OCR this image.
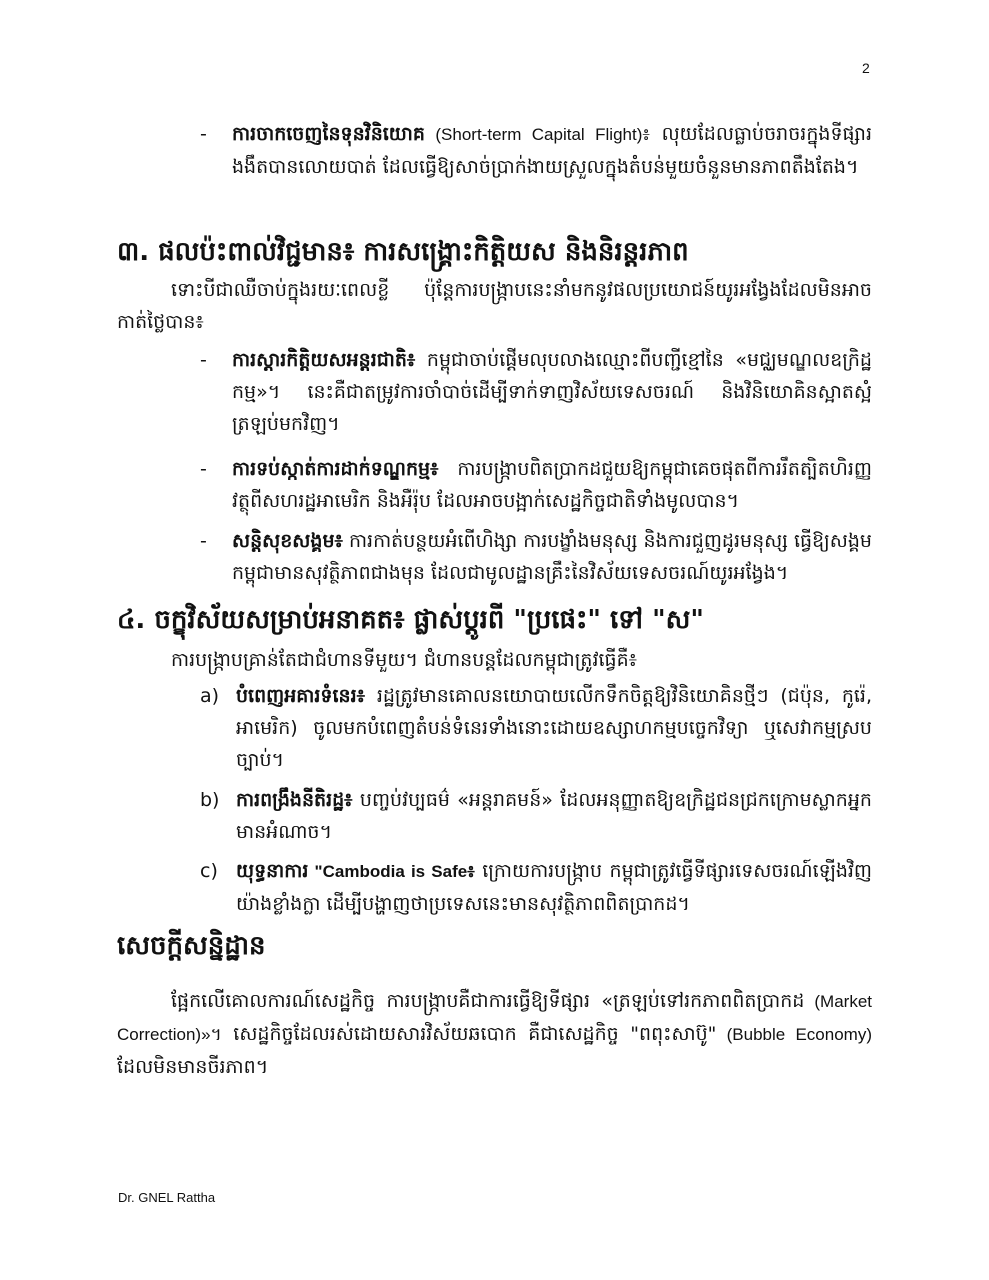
2
-	ការចាកចេញនៃទុនវិនិយោគ (Short-term Capital Flight)៖ លុយដែលធ្លាប់ចរាចរក្នុងទីផ្សារងងឹតបានលោយបាត់ ដែលធ្វើឱ្យសាច់ប្រាក់ងាយស្រួលក្នុងតំបន់មួយចំនួនមានភាពតឹងតែង។
៣. ផលប៉ះពាល់វិជ្ជមាន៖ ការសង្គ្រោះកិត្តិយស និងនិរន្តរភាព
ទោះបីជាឈឺចាប់ក្នុងរយៈពេលខ្លី ប៉ុន្តែការបង្រ្កាបនេះនាំមកនូវផលប្រយោជន៍យូរអង្វែងដែលមិនអាចកាត់ថ្លៃបាន៖
-	ការស្តារកិត្តិយសអន្តរជាតិ៖ កម្ពុជាចាប់ផ្តើមលុបលាងឈ្មោះពីបញ្ជីខ្មៅនៃ «មជ្ឈមណ្ឌលឧក្រិដ្ឋកម្ម»។ នេះគឺជាតម្រូវការចាំបាច់ដើម្បីទាក់ទាញវិស័យទេសចរណ៍ និងវិនិយោគិនស្អាតស្អំត្រឡប់មកវិញ។
-	ការទប់ស្កាត់ការដាក់ទណ្ឌកម្ម៖ ការបង្រ្កាបពិតប្រាកដជួយឱ្យកម្ពុជាគេចផុតពីការរឹតត្បិតហិរញ្ញវត្ថុពីសហរដ្ឋអាមេរិក និងអឺរ៉ុប ដែលអាចបង្អាក់សេដ្ឋកិច្ចជាតិទាំងមូលបាន។
-	សន្តិសុខសង្គម៖ ការកាត់បន្ថយអំពើហិង្សា ការបង្ខាំងមនុស្ស និងការជួញដូរមនុស្ស ធ្វើឱ្យសង្គមកម្ពុជាមានសុវត្ថិភាពជាងមុន ដែលជាមូលដ្ឋានគ្រឹះនៃវិស័យទេសចរណ៍យូរអង្វែង។
៤. ចក្ខុវិស័យសម្រាប់អនាគត៖ ផ្លាស់ប្តូរពី "ប្រផេះ" ទៅ "ស"
ការបង្រ្កាបគ្រាន់តែជាជំហានទីមួយ។ ជំហានបន្តដែលកម្ពុជាត្រូវធ្វើគឺ៖
a) បំពេញអគារទំនេរ៖ រដ្ឋត្រូវមានគោលនយោបាយលើកទឹកចិត្តឱ្យវិនិយោគិនថ្មីៗ (ជប៉ុន, កូរ៉េ, អាមេរិក) ចូលមកបំពេញតំបន់ទំនេរទាំងនោះដោយឧស្សាហកម្មបច្ចេកវិទ្យា ឬសេវាកម្មស្របច្បាប់។
b) ការពង្រឹងនីតិរដ្ឋ៖ បញ្ចប់វប្បធម៌ «អន្តរាគមន៍» ដែលអនុញ្ញាតឱ្យឧក្រិដ្ឋជនជ្រកក្រោមស្លាកអ្នកមានអំណាច។
c) យុទ្ធនាការ "Cambodia is Safe៖ ក្រោយការបង្រ្កាប កម្ពុជាត្រូវធ្វើទីផ្សារទេសចរណ៍ឡើងវិញយ៉ាងខ្លាំងក្លា ដើម្បីបង្ហាញថាប្រទេសនេះមានសុវត្ថិភាពពិតប្រាកដ។
សេចក្តីសន្និដ្ឋាន
ផ្អែកលើគោលការណ៍សេដ្ឋកិច្ច ការបង្រ្កាបគឺជាការធ្វើឱ្យទីផ្សារ «ត្រឡប់ទៅរកភាពពិតប្រាកដ (Market Correction)»។ សេដ្ឋកិច្ចដែលរស់ដោយសារវិស័យឆបោក គឺជាសេដ្ឋកិច្ច "ពពុះសាប៊ូ" (Bubble Economy) ដែលមិនមានចីរភាព។
Dr. GNEL Rattha
